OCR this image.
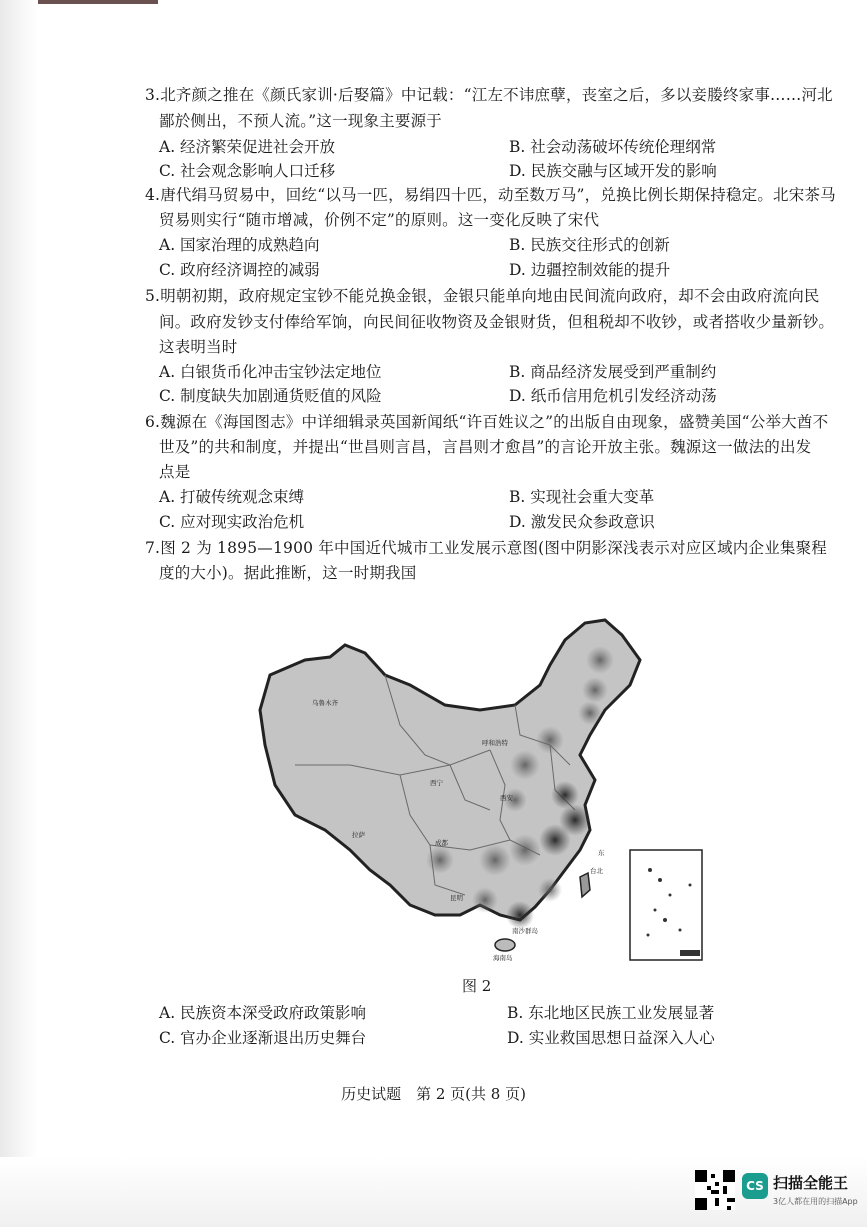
3.北齐颜之推在《颜氏家训·后娶篇》中记载：“江左不讳庶孽，丧室之后，多以妾媵终家事……河北
鄙於侧出，不预人流。”这一现象主要源于
A. 经济繁荣促进社会开放	B. 社会动荡破坏传统伦理纲常
C. 社会观念影响人口迁移	D. 民族交融与区域开发的影响
4.唐代绢马贸易中，回纥“以马一匹，易绢四十匹，动至数万马”，兑换比例长期保持稳定。北宋茶马
贸易则实行“随市增减，价例不定”的原则。这一变化反映了宋代
A. 国家治理的成熟趋向	B. 民族交往形式的创新
C. 政府经济调控的减弱	D. 边疆控制效能的提升
5.明朝初期，政府规定宝钞不能兑换金银，金银只能单向地由民间流向政府，却不会由政府流向民
间。政府发钞支付俸给军饷，向民间征收物资及金银财货，但租税却不收钞，或者搭收少量新钞。
这表明当时
A. 白银货币化冲击宝钞法定地位	B. 商品经济发展受到严重制约
C. 制度缺失加剧通货贬值的风险	D. 纸币信用危机引发经济动荡
6.魏源在《海国图志》中详细辑录英国新闻纸“许百姓议之”的出版自由现象，盛赞美国“公举大酋不
世及”的共和制度，并提出“世昌则言昌，言昌则才愈昌”的言论开放主张。魏源这一做法的出发
点是
A. 打破传统观念束缚	B. 实现社会重大变革
C. 应对现实政治危机	D. 激发民众参政意识
7.图 2 为 1895—1900 年中国近代城市工业发展示意图(图中阴影深浅表示对应区域内企业集聚程
度的大小)。据此推断，这一时期我国
乌鲁木齐
拉萨
西宁
成都
昆明
西安
呼和浩特
东
台北
海南岛
南沙群岛
图 2
A. 民族资本深受政府政策影响	B. 东北地区民族工业发展显著
C. 官办企业逐渐退出历史舞台	D. 实业救国思想日益深入人心
历史试题　第 2 页(共 8 页)
CS 扫描全能王
3亿人都在用的扫描App
